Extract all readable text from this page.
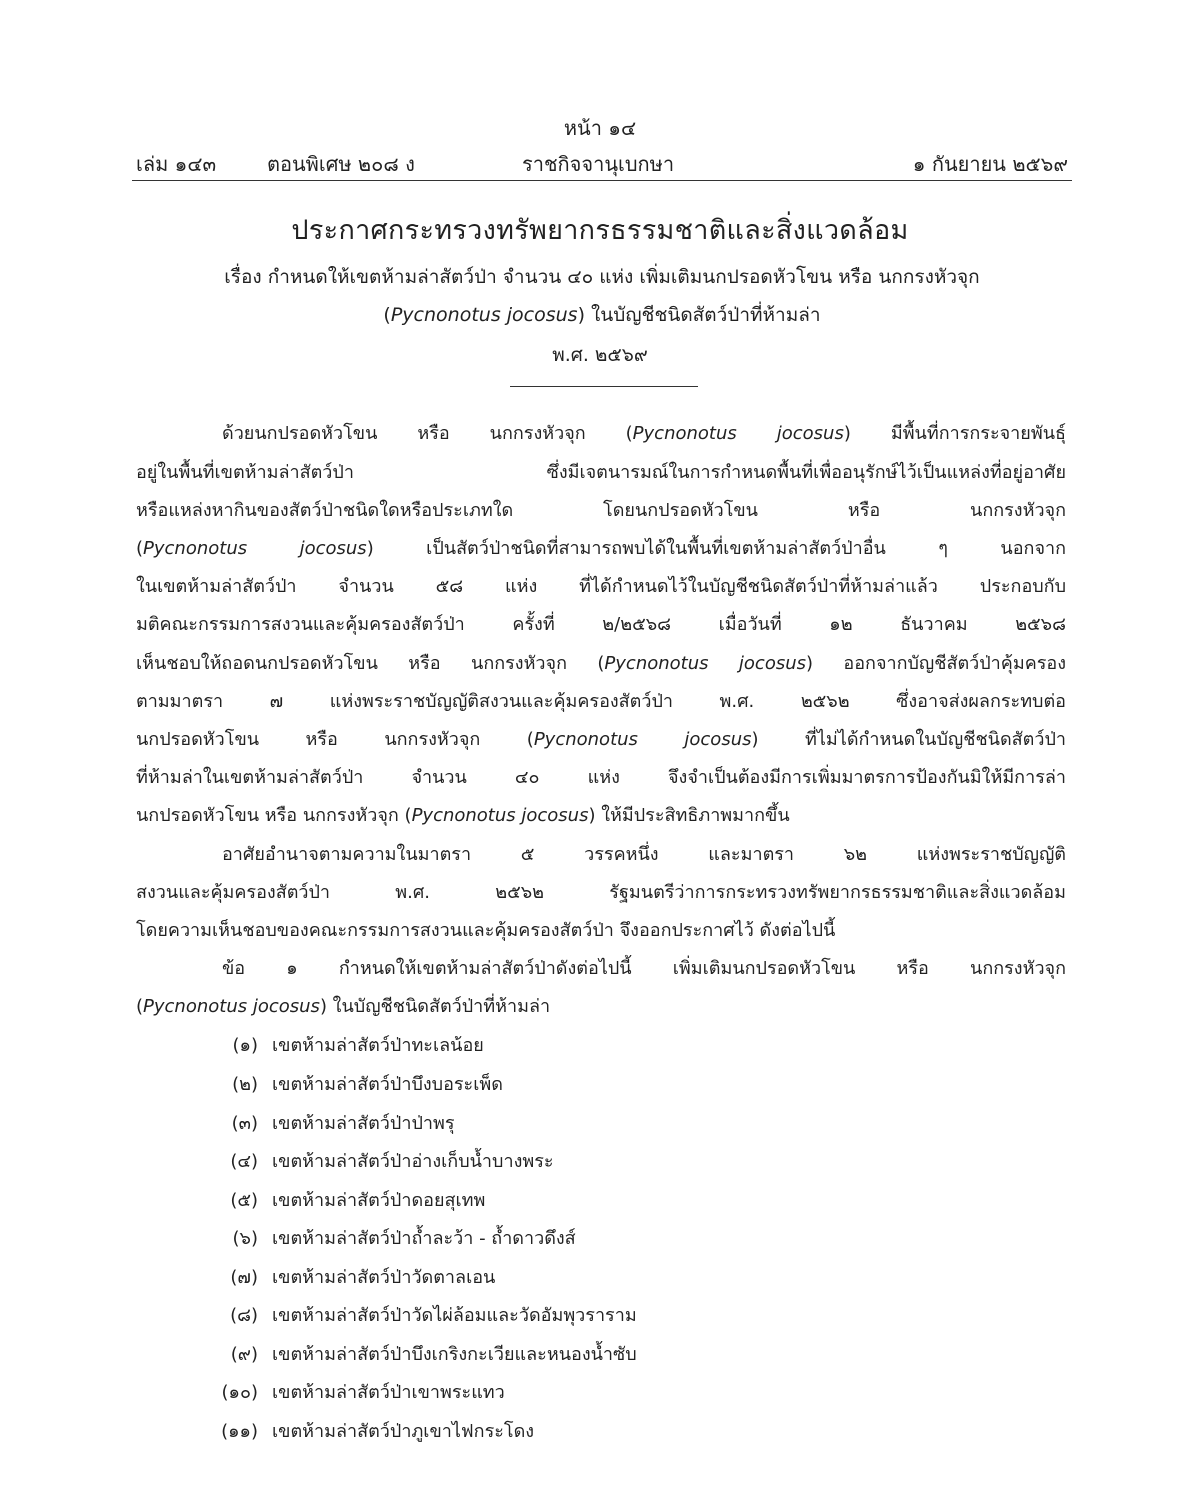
หน้า ๑๔
เล่ม ๑๔๓	ตอนพิเศษ ๒๐๘ ง	ราชกิจจานุเบกษา	๑ กันยายน ๒๕๖๙
ประกาศกระทรวงทรัพยากรธรรมชาติและสิ่งแวดล้อม
เรื่อง กำหนดให้เขตห้ามล่าสัตว์ป่า จำนวน ๔๐ แห่ง เพิ่มเติมนกปรอดหัวโขน หรือ นกกรงหัวจุก
(Pycnonotus jocosus) ในบัญชีชนิดสัตว์ป่าที่ห้ามล่า
พ.ศ. ๒๕๖๙
ด้วยนกปรอดหัวโขน หรือ นกกรงหัวจุก (Pycnonotus jocosus) มีพื้นที่การกระจายพันธุ์
อยู่ในพื้นที่เขตห้ามล่าสัตว์ป่า ซึ่งมีเจตนารมณ์ในการกำหนดพื้นที่เพื่ออนุรักษ์ไว้เป็นแหล่งที่อยู่อาศัย
หรือแหล่งหากินของสัตว์ป่าชนิดใดหรือประเภทใด โดยนกปรอดหัวโขน หรือ นกกรงหัวจุก
(Pycnonotus jocosus) เป็นสัตว์ป่าชนิดที่สามารถพบได้ในพื้นที่เขตห้ามล่าสัตว์ป่าอื่น ๆ นอกจาก
ในเขตห้ามล่าสัตว์ป่า จำนวน ๕๘ แห่ง ที่ได้กำหนดไว้ในบัญชีชนิดสัตว์ป่าที่ห้ามล่าแล้ว ประกอบกับ
มติคณะกรรมการสงวนและคุ้มครองสัตว์ป่า ครั้งที่ ๒/๒๕๖๘ เมื่อวันที่ ๑๒ ธันวาคม ๒๕๖๘
เห็นชอบให้ถอดนกปรอดหัวโขน หรือ นกกรงหัวจุก (Pycnonotus jocosus) ออกจากบัญชีสัตว์ป่าคุ้มครอง
ตามมาตรา ๗ แห่งพระราชบัญญัติสงวนและคุ้มครองสัตว์ป่า พ.ศ. ๒๕๖๒ ซึ่งอาจส่งผลกระทบต่อ
นกปรอดหัวโขน หรือ นกกรงหัวจุก (Pycnonotus jocosus) ที่ไม่ได้กำหนดในบัญชีชนิดสัตว์ป่า
ที่ห้ามล่าในเขตห้ามล่าสัตว์ป่า จำนวน ๔๐ แห่ง จึงจำเป็นต้องมีการเพิ่มมาตรการป้องกันมิให้มีการล่า
นกปรอดหัวโขน หรือ นกกรงหัวจุก (Pycnonotus jocosus) ให้มีประสิทธิภาพมากขึ้น
อาศัยอำนาจตามความในมาตรา ๕ วรรคหนึ่ง และมาตรา ๖๒ แห่งพระราชบัญญัติ
สงวนและคุ้มครองสัตว์ป่า พ.ศ. ๒๕๖๒ รัฐมนตรีว่าการกระทรวงทรัพยากรธรรมชาติและสิ่งแวดล้อม
โดยความเห็นชอบของคณะกรรมการสงวนและคุ้มครองสัตว์ป่า จึงออกประกาศไว้ ดังต่อไปนี้
ข้อ ๑ กำหนดให้เขตห้ามล่าสัตว์ป่าดังต่อไปนี้ เพิ่มเติมนกปรอดหัวโขน หรือ นกกรงหัวจุก
(Pycnonotus jocosus) ในบัญชีชนิดสัตว์ป่าที่ห้ามล่า
(๑) เขตห้ามล่าสัตว์ป่าทะเลน้อย
(๒) เขตห้ามล่าสัตว์ป่าบึงบอระเพ็ด
(๓) เขตห้ามล่าสัตว์ป่าป่าพรุ
(๔) เขตห้ามล่าสัตว์ป่าอ่างเก็บน้ำบางพระ
(๕) เขตห้ามล่าสัตว์ป่าดอยสุเทพ
(๖) เขตห้ามล่าสัตว์ป่าถ้ำละว้า - ถ้ำดาวดึงส์
(๗) เขตห้ามล่าสัตว์ป่าวัดตาลเอน
(๘) เขตห้ามล่าสัตว์ป่าวัดไผ่ล้อมและวัดอัมพุวราราม
(๙) เขตห้ามล่าสัตว์ป่าบึงเกริงกะเวียและหนองน้ำซับ
(๑๐) เขตห้ามล่าสัตว์ป่าเขาพระแทว
(๑๑) เขตห้ามล่าสัตว์ป่าภูเขาไฟกระโดง
